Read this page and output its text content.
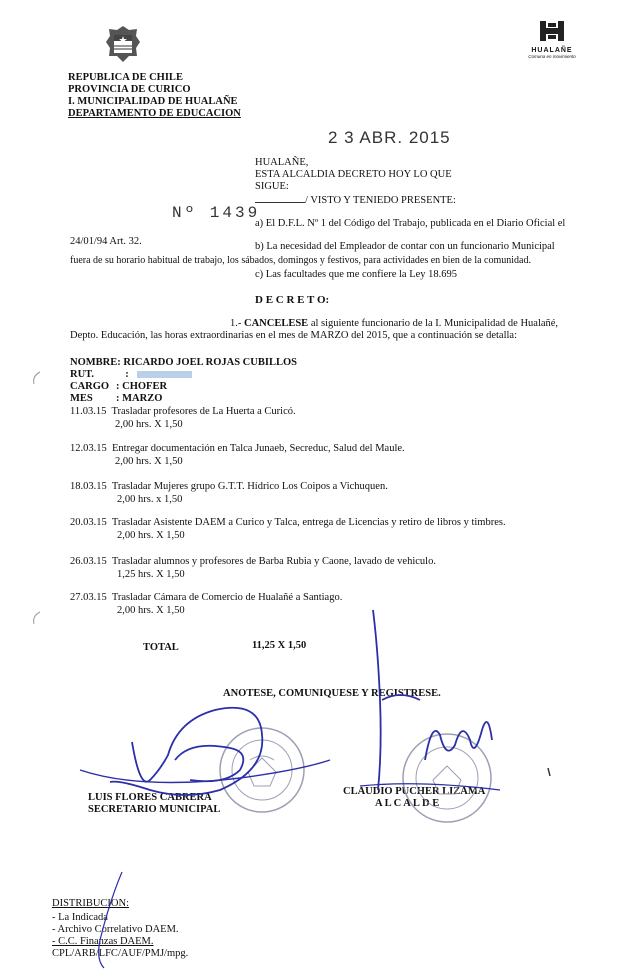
HUALAÑE
Comuna en movimiento
REPUBLICA DE CHILE
PROVINCIA DE CURICO
I. MUNICIPALIDAD DE HUALAÑE
DEPARTAMENTO DE EDUCACION
2 3 ABR. 2015
HUALAÑE,
ESTA ALCALDIA DECRETO HOY LO QUE
SIGUE:
/ VISTO Y TENIEDO PRESENTE:
Nº 1439
a) El D.F.L. Nº 1 del Código del Trabajo, publicada en el Diario Oficial el
24/01/94 Art. 32.	b) La necesidad del Empleador de contar con un funcionario Municipal
fuera de su horario habitual de trabajo, los sábados, domingos y festivos, para actividades en bien de la comunidad.
c) Las facultades que me confiere la Ley 18.695
D E C R E T O:
1.- CANCELESE al siguiente funcionario de la I. Municipalidad de Hualañé,
Depto. Educación, las horas extraordinarias en el mes de MARZO del 2015, que a continuación se detalla:
NOMBRE: RICARDO JOEL ROJAS CUBILLOS
RUT.	:
CARGO : CHOFER
MES : MARZO
11.03.15 Trasladar profesores de La Huerta a Curicó.
2,00 hrs. X 1,50
12.03.15 Entregar documentación en Talca Junaeb, Secreduc, Salud del Maule.
2,00 hrs. X 1,50
18.03.15 Trasladar Mujeres grupo G.T.T. Hídrico Los Coipos a Vichuquen.
2,00 hrs. x 1,50
20.03.15 Trasladar Asistente DAEM a Curico y Talca, entrega de Licencias y retiro de libros y timbres.
2,00 hrs. X 1,50
26.03.15 Trasladar alumnos y profesores de Barba Rubia y Caone, lavado de vehiculo.
1,25 hrs. X 1,50
27.03.15 Trasladar Cámara de Comercio de Hualañé a Santiago.
2,00 hrs. X 1,50
TOTAL	11,25 X 1,50
ANOTESE, COMUNIQUESE Y REGISTRESE.
LUIS FLORES CABRERA
SECRETARIO MUNICIPAL
CLAUDIO PUCHER LIZAMA
A L C A L D E
DISTRIBUCION:
- La Indicada
- Archivo Correlativo DAEM.
- C.C. Finanzas DAEM.
CPL/ARB/LFC/AUF/PMJ/mpg.
